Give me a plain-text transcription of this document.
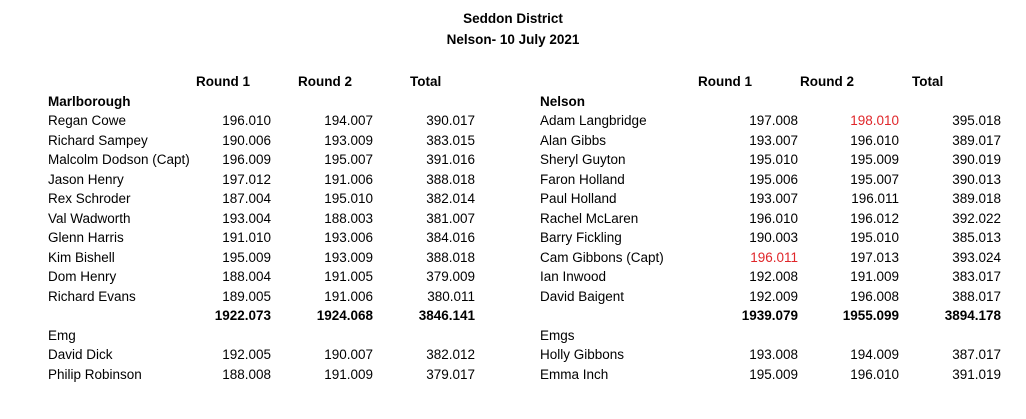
Seddon District
Nelson- 10 July 2021
Round 1	Round 2	Total
Marlborough
Regan Cowe	196.010	194.007	390.017
Richard Sampey	190.006	193.009	383.015
Malcolm Dodson (Capt) 196.009	195.007	391.016
Jason Henry	197.012	191.006	388.018
Rex Schroder	187.004	195.010	382.014
Val Wadworth	193.004	188.003	381.007
Glenn Harris	191.010	193.006	384.016
Kim Bishell	195.009	193.009	388.018
Dom Henry	188.004	191.005	379.009
Richard Evans	189.005	191.006	380.011
1922.073	1924.068	3846.141
Emg
David Dick	192.005	190.007	382.012
Philip Robinson	188.008	191.009	379.017
Round 1	Round 2	Total
Nelson
Adam Langbridge	197.008	198.010	395.018
Alan Gibbs	193.007	196.010	389.017
Sheryl Guyton	195.010	195.009	390.019
Faron Holland	195.006	195.007	390.013
Paul Holland	193.007	196.011	389.018
Rachel McLaren	196.010	196.012	392.022
Barry Fickling	190.003	195.010	385.013
Cam Gibbons (Capt)	196.011	197.013	393.024
Ian Inwood	192.008	191.009	383.017
David Baigent	192.009	196.008	388.017
1939.079	1955.099	3894.178
Emgs
Holly Gibbons	193.008	194.009	387.017
Emma Inch	195.009	196.010	391.019
